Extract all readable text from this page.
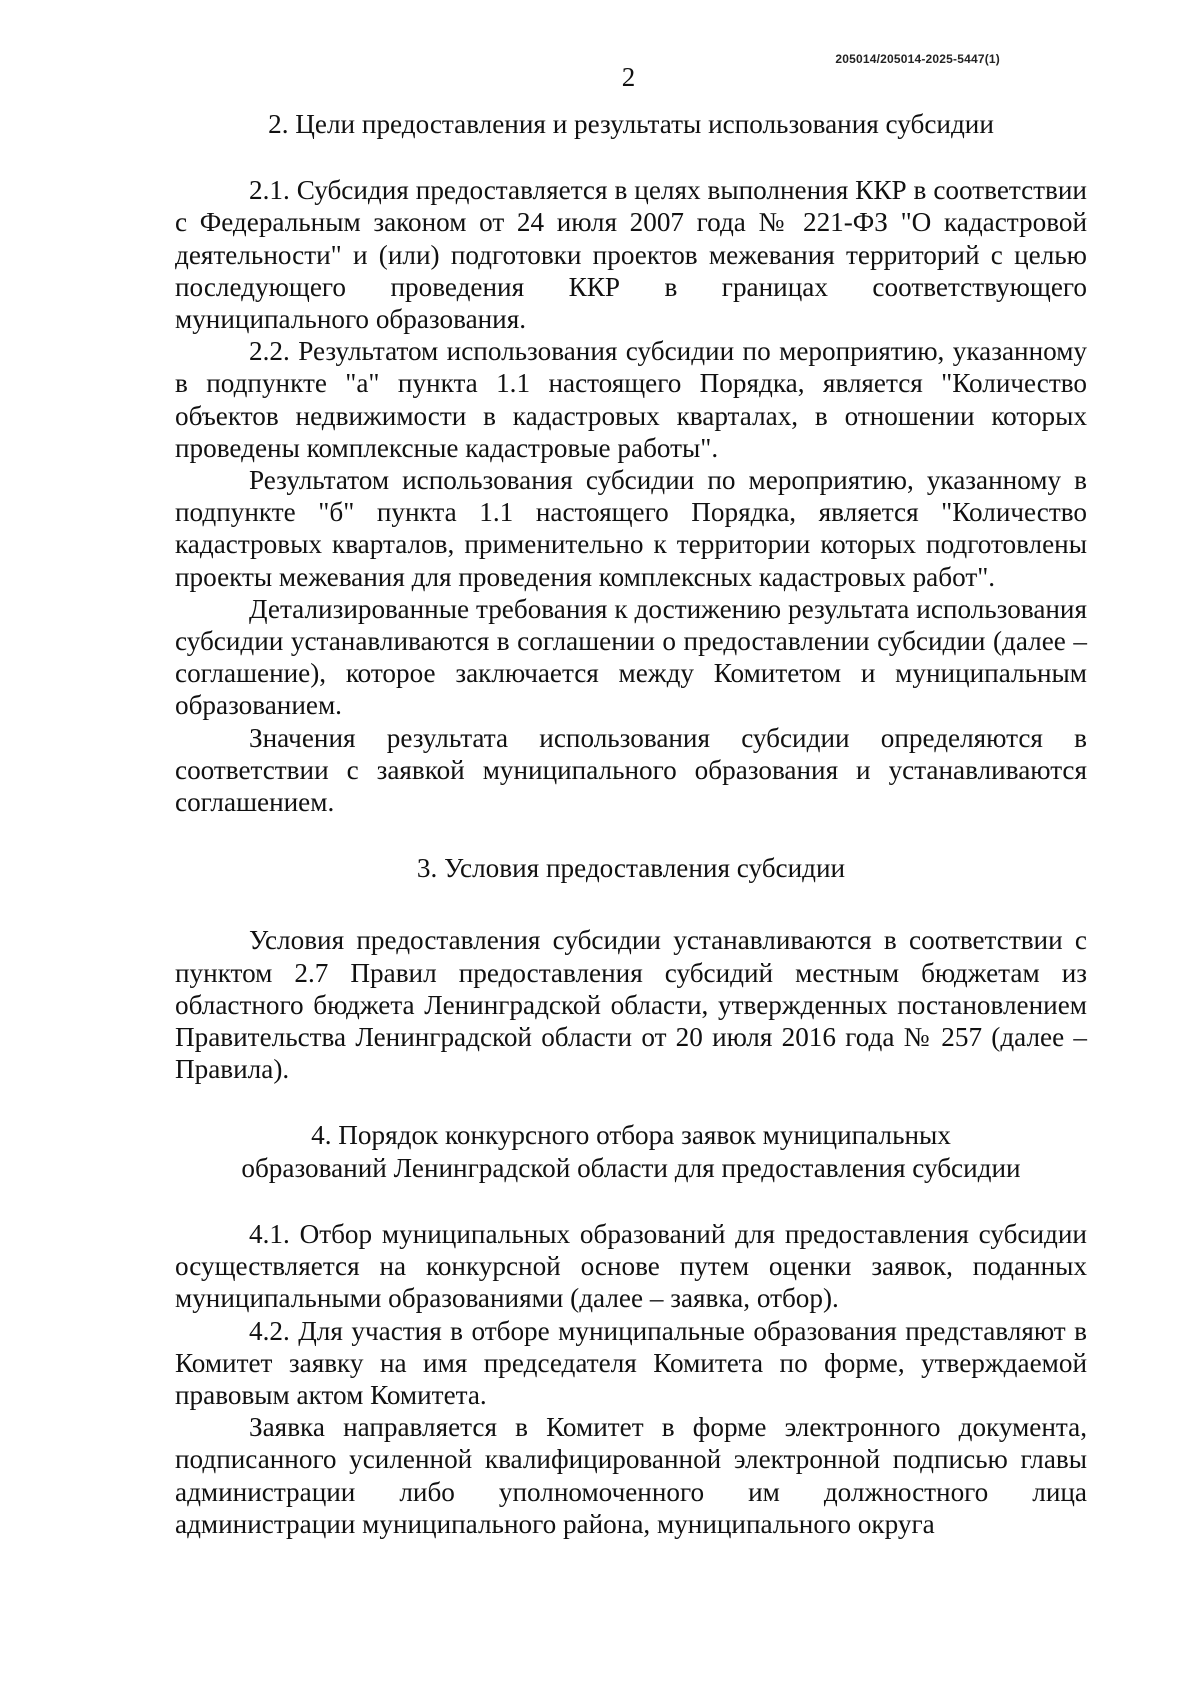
205014/205014-2025-5447(1)
2

2. Цели предоставления и результаты использования субсидии

2.1. Субсидия предоставляется в целях выполнения ККР в соответствии с Федеральным законом от 24 июля 2007 года № 221-ФЗ "О кадастровой деятельности" и (или) подготовки проектов межевания территорий с целью последующего проведения ККР в границах соответствующего муниципального образования.

2.2. Результатом использования субсидии по мероприятию, указанному в подпункте "а" пункта 1.1 настоящего Порядка, является "Количество объектов недвижимости в кадастровых кварталах, в отношении которых проведены комплексные кадастровые работы".

Результатом использования субсидии по мероприятию, указанному в подпункте "б" пункта 1.1 настоящего Порядка, является "Количество кадастровых кварталов, применительно к территории которых подготовлены проекты межевания для проведения комплексных кадастровых работ".

Детализированные требования к достижению результата использования субсидии устанавливаются в соглашении о предоставлении субсидии (далее – соглашение), которое заключается между Комитетом и муниципальным образованием.

Значения результата использования субсидии определяются в соответствии с заявкой муниципального образования и устанавливаются соглашением.

3. Условия предоставления субсидии

Условия предоставления субсидии устанавливаются в соответствии с пунктом 2.7 Правил предоставления субсидий местным бюджетам из областного бюджета Ленинградской области, утвержденных постановлением Правительства Ленинградской области от 20 июля 2016 года № 257 (далее – Правила).

4. Порядок конкурсного отбора заявок муниципальных

образований Ленинградской области для предоставления субсидии

4.1. Отбор муниципальных образований для предоставления субсидии осуществляется на конкурсной основе путем оценки заявок, поданных муниципальными образованиями (далее – заявка, отбор).

4.2. Для участия в отборе муниципальные образования представляют в Комитет заявку на имя председателя Комитета по форме, утверждаемой правовым актом Комитета.

Заявка направляется в Комитет в форме электронного документа, подписанного усиленной квалифицированной электронной подписью главы администрации либо уполномоченного им должностного лица администрации муниципального района, муниципального округа
